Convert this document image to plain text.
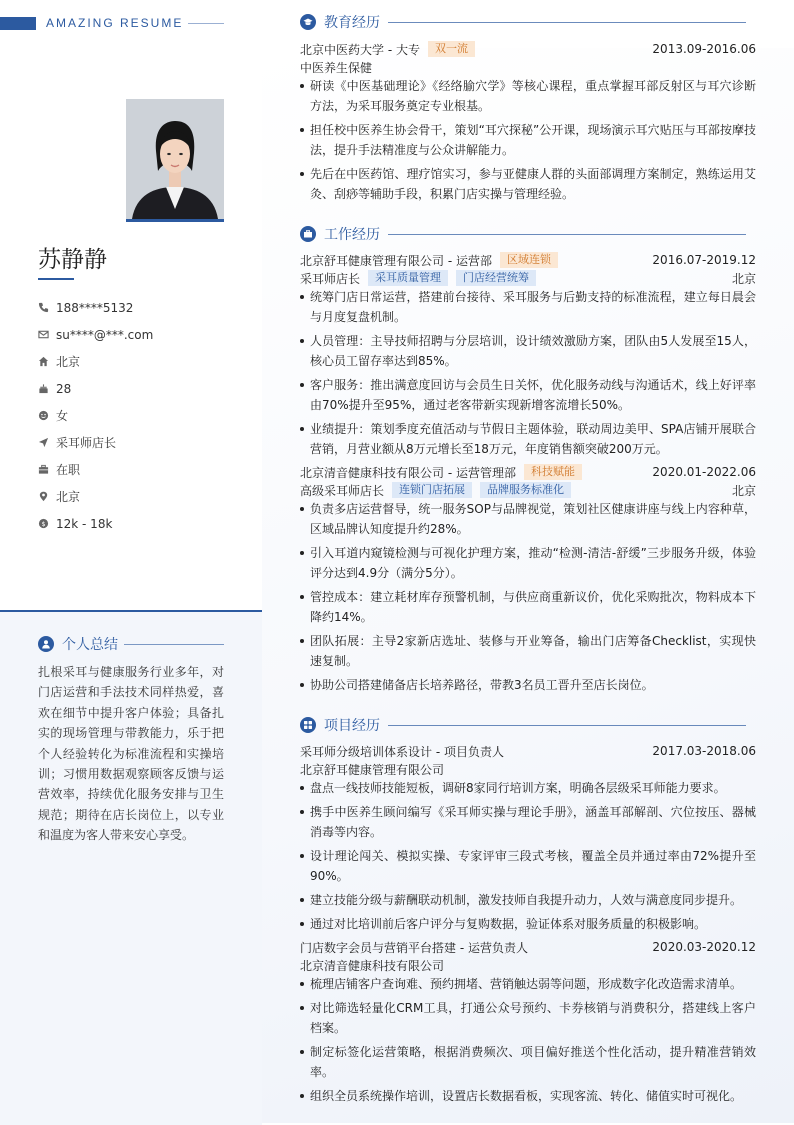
AMAZING RESUME
苏静静
188****5132
su****@***.com
北京
28
女
采耳师店长
在职
北京
$ 12k - 18k
个人总结
扎根采耳与健康服务行业多年，对门店运营和手法技术同样热爱，喜欢在细节中提升客户体验；具备扎实的现场管理与带教能力，乐于把个人经验转化为标准流程和实操培训；习惯用数据观察顾客反馈与运营效率，持续优化服务安排与卫生规范；期待在店长岗位上，以专业和温度为客人带来安心享受。
教育经历
北京中医药大学 - 大专	双一流	2013.09-2016.06
中医养生保健
研读《中医基础理论》《经络腧穴学》等核心课程，重点掌握耳部反射区与耳穴诊断方法，为采耳服务奠定专业根基。
担任校中医养生协会骨干，策划“耳穴探秘”公开课，现场演示耳穴贴压与耳部按摩技法，提升手法精准度与公众讲解能力。
先后在中医药馆、理疗馆实习，参与亚健康人群的头面部调理方案制定，熟练运用艾灸、刮痧等辅助手段，积累门店实操与管理经验。
工作经历
北京舒耳健康管理有限公司 - 运营部	区域连锁	2016.07-2019.12
采耳师店长	采耳质量管理	门店经营统筹	北京
统筹门店日常运营，搭建前台接待、采耳服务与后勤支持的标准流程，建立每日晨会与月度复盘机制。
人员管理：主导技师招聘与分层培训，设计绩效激励方案，团队由5人发展至15人，核心员工留存率达到85%。
客户服务：推出满意度回访与会员生日关怀，优化服务动线与沟通话术，线上好评率由70%提升至95%，通过老客带新实现新增客流增长50%。
业绩提升：策划季度充值活动与节假日主题体验，联动周边美甲、SPA店铺开展联合营销，月营业额从8万元增长至18万元，年度销售额突破200万元。
北京清音健康科技有限公司 - 运营管理部	科技赋能	2020.01-2022.06
高级采耳师店长	连锁门店拓展	品牌服务标准化	北京
负责多店运营督导，统一服务SOP与品牌视觉，策划社区健康讲座与线上内容种草，区域品牌认知度提升约28%。
引入耳道内窥镜检测与可视化护理方案，推动“检测-清洁-舒缓”三步服务升级，体验评分达到4.9分（满分5分）。
管控成本：建立耗材库存预警机制，与供应商重新议价，优化采购批次，物料成本下降约14%。
团队拓展：主导2家新店选址、装修与开业筹备，输出门店筹备Checklist，实现快速复制。
协助公司搭建储备店长培养路径，带教3名员工晋升至店长岗位。
项目经历
采耳师分级培训体系设计 - 项目负责人	2017.03-2018.06
北京舒耳健康管理有限公司
盘点一线技师技能短板，调研8家同行培训方案，明确各层级采耳师能力要求。
携手中医养生顾问编写《采耳师实操与理论手册》，涵盖耳部解剖、穴位按压、器械消毒等内容。
设计理论闯关、模拟实操、专家评审三段式考核，覆盖全员并通过率由72%提升至90%。
建立技能分级与薪酬联动机制，激发技师自我提升动力，人效与满意度同步提升。
通过对比培训前后客户评分与复购数据，验证体系对服务质量的积极影响。
门店数字会员与营销平台搭建 - 运营负责人	2020.03-2020.12
北京清音健康科技有限公司
梳理店铺客户查询难、预约拥堵、营销触达弱等问题，形成数字化改造需求清单。
对比筛选轻量化CRM工具，打通公众号预约、卡券核销与消费积分，搭建线上客户档案。
制定标签化运营策略，根据消费频次、项目偏好推送个性化活动，提升精准营销效率。
组织全员系统操作培训，设置店长数据看板，实现客流、转化、储值实时可视化。
